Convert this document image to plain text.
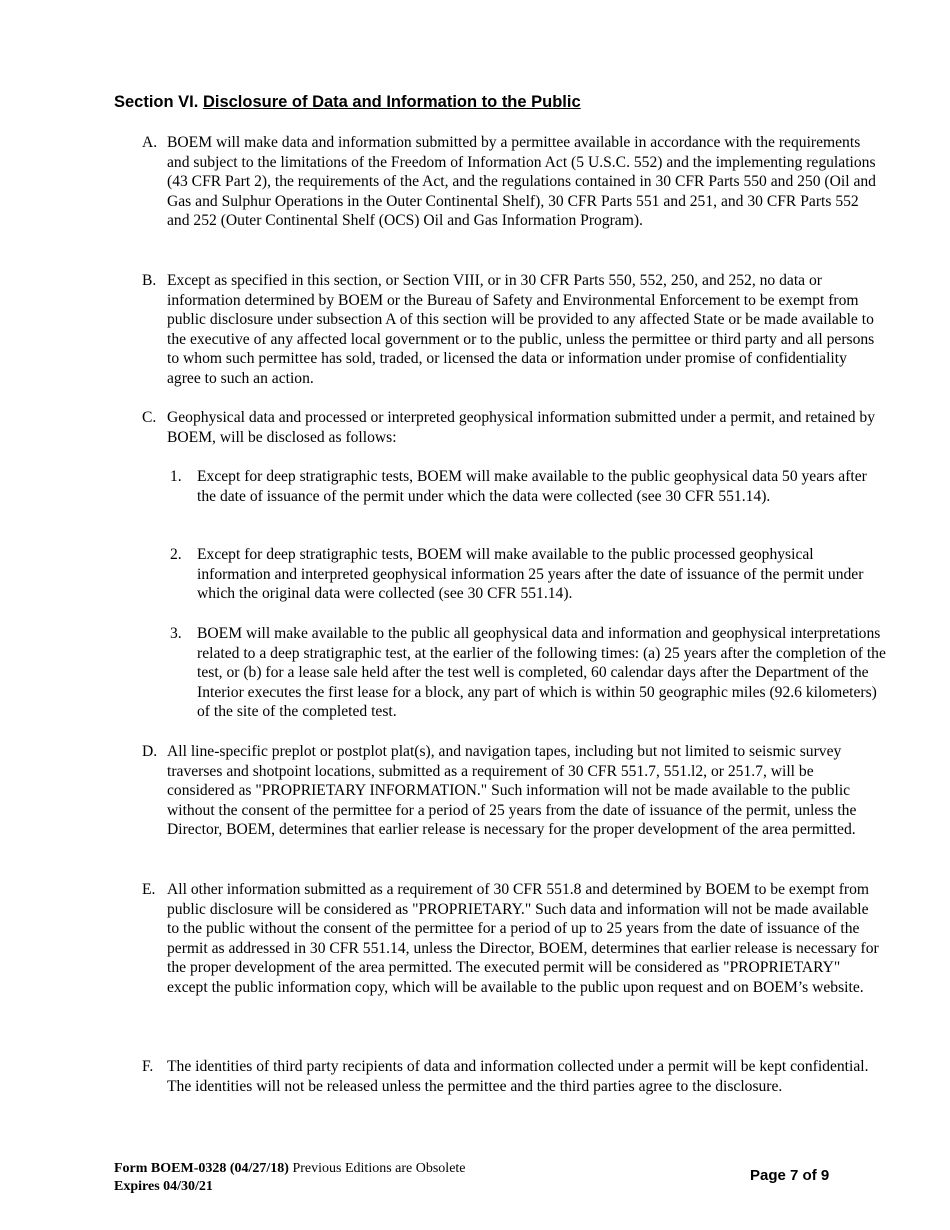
Section VI. Disclosure of Data and Information to the Public

A. BOEM will make data and information submitted by a permittee available in accordance with the requirements and subject to the limitations of the Freedom of Information Act (5 U.S.C. 552) and the implementing regulations (43 CFR Part 2), the requirements of the Act, and the regulations contained in 30 CFR Parts 550 and 250 (Oil and Gas and Sulphur Operations in the Outer Continental Shelf), 30 CFR Parts 551 and 251, and 30 CFR Parts 552 and 252 (Outer Continental Shelf (OCS) Oil and Gas Information Program).

B. Except as specified in this section, or Section VIII, or in 30 CFR Parts 550, 552, 250, and 252, no data or information determined by BOEM or the Bureau of Safety and Environmental Enforcement to be exempt from public disclosure under subsection A of this section will be provided to any affected State or be made available to the executive of any affected local government or to the public, unless the permittee or third party and all persons to whom such permittee has sold, traded, or licensed the data or information under promise of confidentiality agree to such an action.

C. Geophysical data and processed or interpreted geophysical information submitted under a permit, and retained by BOEM, will be disclosed as follows:

1. Except for deep stratigraphic tests, BOEM will make available to the public geophysical data 50 years after the date of issuance of the permit under which the data were collected (see 30 CFR 551.14).

2. Except for deep stratigraphic tests, BOEM will make available to the public processed geophysical information and interpreted geophysical information 25 years after the date of issuance of the permit under which the original data were collected (see 30 CFR 551.14).

3. BOEM will make available to the public all geophysical data and information and geophysical interpretations related to a deep stratigraphic test, at the earlier of the following times: (a) 25 years after the completion of the test, or (b) for a lease sale held after the test well is completed, 60 calendar days after the Department of the Interior executes the first lease for a block, any part of which is within 50 geographic miles (92.6 kilometers) of the site of the completed test.

D. All line-specific preplot or postplot plat(s), and navigation tapes, including but not limited to seismic survey traverses and shotpoint locations, submitted as a requirement of 30 CFR 551.7, 551.l2, or 251.7, will be considered as "PROPRIETARY INFORMATION." Such information will not be made available to the public without the consent of the permittee for a period of 25 years from the date of issuance of the permit, unless the Director, BOEM, determines that earlier release is necessary for the proper development of the area permitted.

E. All other information submitted as a requirement of 30 CFR 551.8 and determined by BOEM to be exempt from public disclosure will be considered as "PROPRIETARY." Such data and information will not be made available to the public without the consent of the permittee for a period of up to 25 years from the date of issuance of the permit as addressed in 30 CFR 551.14, unless the Director, BOEM, determines that earlier release is necessary for the proper development of the area permitted. The executed permit will be considered as "PROPRIETARY" except the public information copy, which will be available to the public upon request and on BOEM’s website.

F. The identities of third party recipients of data and information collected under a permit will be kept confidential. The identities will not be released unless the permittee and the third parties agree to the disclosure.

Form BOEM-0328 (04/27/18) Previous Editions are Obsolete
Expires 04/30/21
Page 7 of 9
